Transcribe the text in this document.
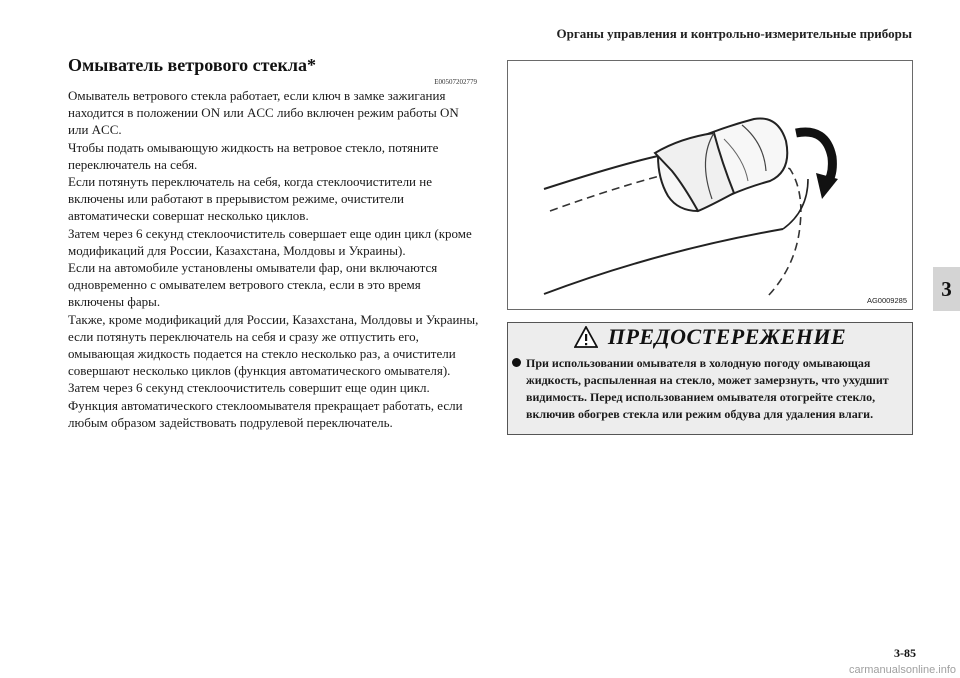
Органы управления и контрольно-измерительные приборы
3
Омыватель ветрового стекла*
E00507202779

Омыватель ветрового стекла работает, если ключ в замке зажигания находится в положении ON или ACC либо включен режим работы ON или ACC.

Чтобы подать омывающую жидкость на ветровое стекло, потяните переключатель на себя.

Если потянуть переключатель на себя, когда стеклоочистители не включены или работают в прерывистом режиме, очистители автоматически совершат несколько циклов.

Затем через 6 секунд стеклоочиститель совершает еще один цикл (кроме модификаций для России, Казахстана, Молдовы и Украины).

Если на автомобиле установлены омыватели фар, они включаются одновременно с омывателем ветрового стекла, если в это время включены фары.

Также, кроме модификаций для России, Казахстана, Молдовы и Украины, если потянуть переключатель на себя и сразу же отпустить его, омывающая жидкость подается на стекло несколько раз, а очистители совершают несколько циклов (функция автоматического омывателя). Затем через 6 секунд стеклоочиститель совершит еще один цикл.

Функция автоматического стеклоомывателя прекращает работать, если любым образом задействовать подрулевой переключатель.

AG0009285
ПРЕДОСТЕРЕЖЕНИЕ
При использовании омывателя в холодную погоду омывающая жидкость, распыленная на стекло, может замерзнуть, что ухудшит видимость. Перед использованием омывателя отогрейте стекло, включив обогрев стекла или режим обдува для удаления влаги.
3-85
carmanualsonline.info
